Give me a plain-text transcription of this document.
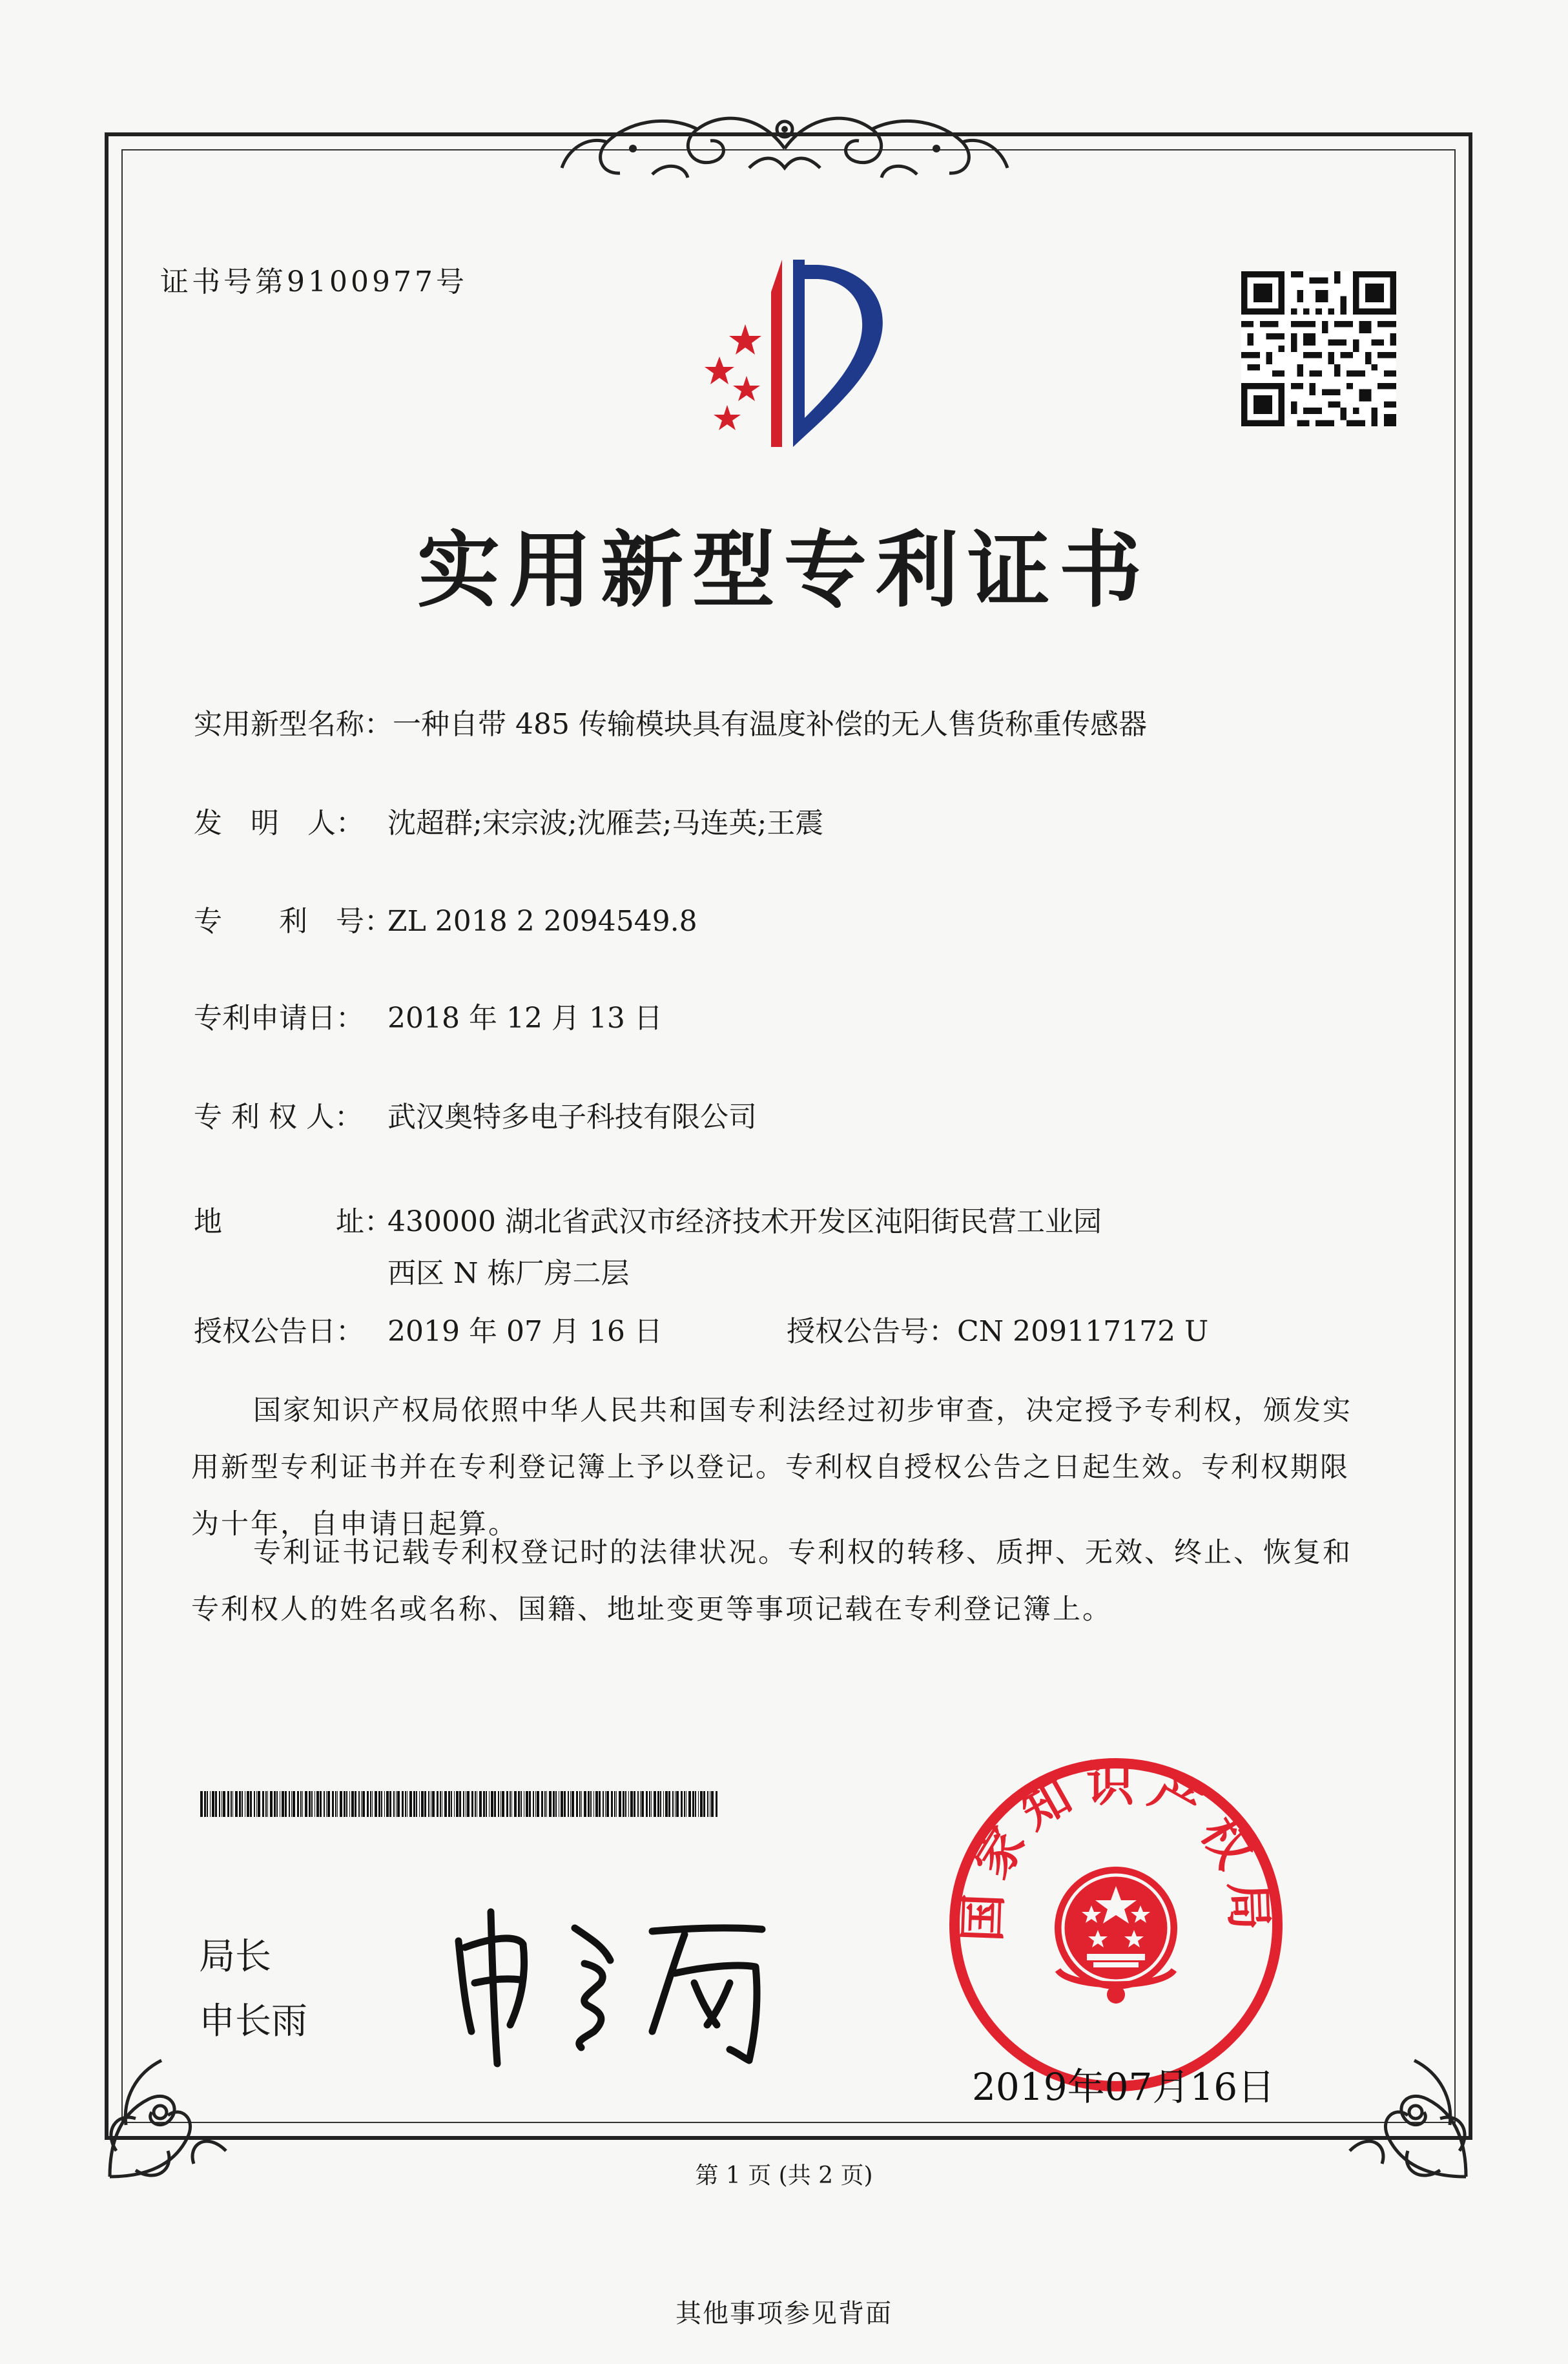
证书号第9100977号
实用新型专利证书
实用新型名称：一种自带 485 传输模块具有温度补偿的无人售货称重传感器
发　明　人： 沈超群;宋宗波;沈雁芸;马连英;王震
专　　利　号：ZL 2018 2 2094549.8
专利申请日： 2018 年 12 月 13 日
专 利 权 人： 武汉奥特多电子科技有限公司
地　　　　址：430000 湖北省武汉市经济技术开发区沌阳街民营工业园
西区 N 栋厂房二层
授权公告日： 2019 年 07 月 16 日	授权公告号：CN 209117172 U
国家知识产权局依照中华人民共和国专利法经过初步审查，决定授予专利权，颁发实用新型专利证书并在专利登记簿上予以登记。专利权自授权公告之日起生效。专利权期限为十年，自申请日起算。
专利证书记载专利权登记时的法律状况。专利权的转移、质押、无效、终止、恢复和专利权人的姓名或名称、国籍、地址变更等事项记载在专利登记簿上。
局长
申长雨
国家知识产权局
2019年07月16日
第 1 页 (共 2 页)
其他事项参见背面
